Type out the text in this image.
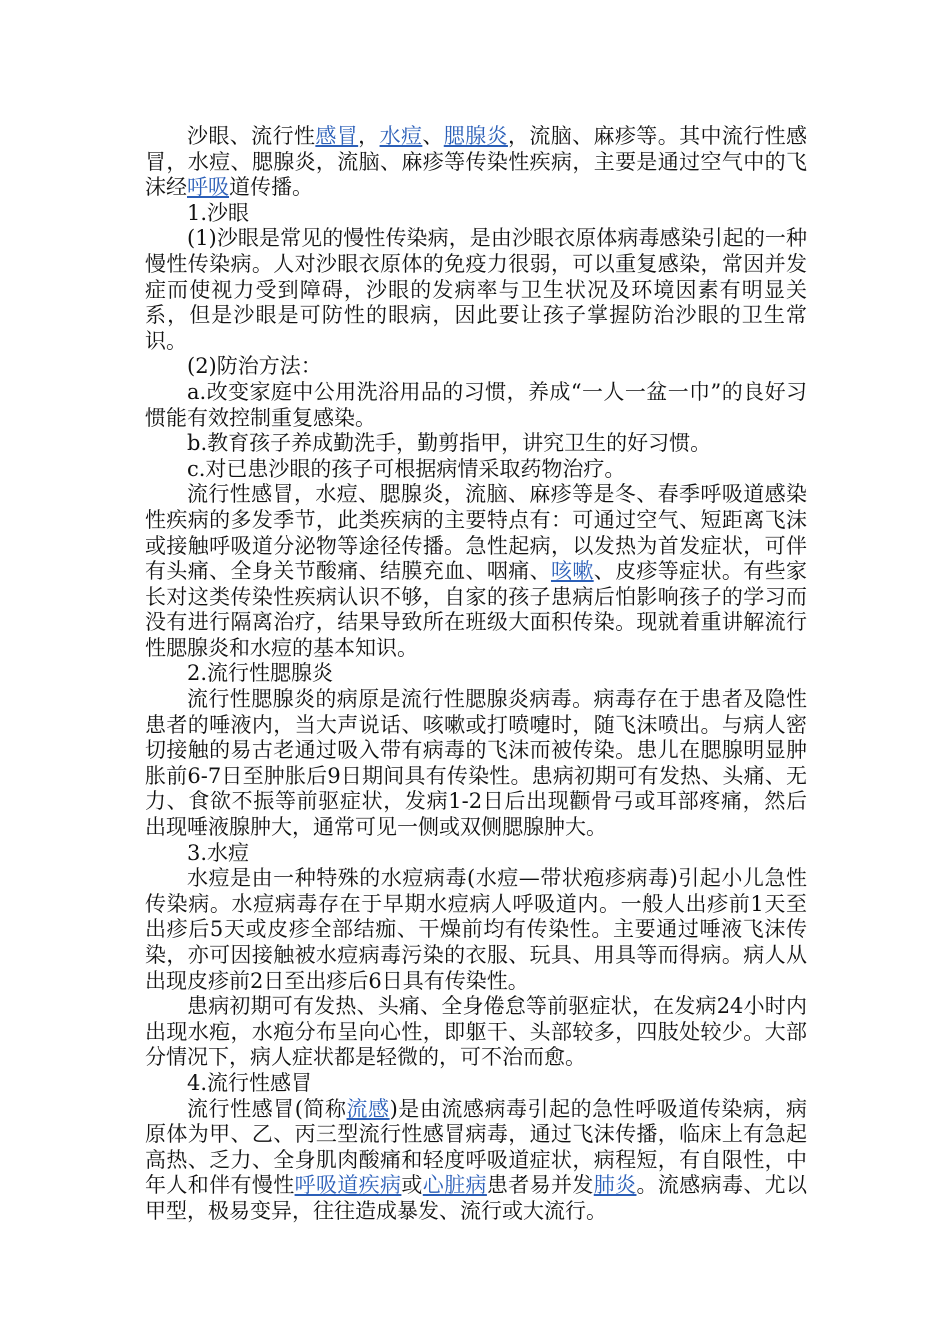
沙眼、流行性感冒，水痘、腮腺炎，流脑、麻疹等。其中流行性感冒，水痘、腮腺炎，流脑、麻疹等传染性疾病，主要是通过空气中的飞沫经呼吸道传播。

1.沙眼

(1)沙眼是常见的慢性传染病，是由沙眼衣原体病毒感染引起的一种慢性传染病。人对沙眼衣原体的免疫力很弱，可以重复感染，常因并发症而使视力受到障碍，沙眼的发病率与卫生状况及环境因素有明显关系，但是沙眼是可防性的眼病，因此要让孩子掌握防治沙眼的卫生常识。

(2)防治方法：

a.改变家庭中公用洗浴用品的习惯，养成“一人一盆一巾”的良好习惯能有效控制重复感染。

b.教育孩子养成勤洗手，勤剪指甲，讲究卫生的好习惯。

c.对已患沙眼的孩子可根据病情采取药物治疗。

流行性感冒，水痘、腮腺炎，流脑、麻疹等是冬、春季呼吸道感染性疾病的多发季节，此类疾病的主要特点有：可通过空气、短距离飞沫或接触呼吸道分泌物等途径传播。急性起病，以发热为首发症状，可伴有头痛、全身关节酸痛、结膜充血、咽痛、咳嗽、皮疹等症状。有些家长对这类传染性疾病认识不够，自家的孩子患病后怕影响孩子的学习而没有进行隔离治疗，结果导致所在班级大面积传染。现就着重讲解流行性腮腺炎和水痘的基本知识。

2.流行性腮腺炎

流行性腮腺炎的病原是流行性腮腺炎病毒。病毒存在于患者及隐性患者的唾液内，当大声说话、咳嗽或打喷嚏时，随飞沫喷出。与病人密切接触的易古老通过吸入带有病毒的飞沫而被传染。患儿在腮腺明显肿胀前6-7日至肿胀后9日期间具有传染性。患病初期可有发热、头痛、无力、食欲不振等前驱症状，发病1-2日后出现颧骨弓或耳部疼痛，然后出现唾液腺肿大，通常可见一侧或双侧腮腺肿大。

3.水痘

水痘是由一种特殊的水痘病毒(水痘—带状疱疹病毒)引起小儿急性传染病。水痘病毒存在于早期水痘病人呼吸道内。一般人出疹前1天至出疹后5天或皮疹全部结痂、干燥前均有传染性。主要通过唾液飞沫传染，亦可因接触被水痘病毒污染的衣服、玩具、用具等而得病。病人从出现皮疹前2日至出疹后6日具有传染性。

患病初期可有发热、头痛、全身倦怠等前驱症状，在发病24小时内出现水疱，水疱分布呈向心性，即躯干、头部较多，四肢处较少。大部分情况下，病人症状都是轻微的，可不治而愈。

4.流行性感冒

流行性感冒(简称流感)是由流感病毒引起的急性呼吸道传染病，病原体为甲、乙、丙三型流行性感冒病毒，通过飞沫传播，临床上有急起高热、乏力、全身肌肉酸痛和轻度呼吸道症状，病程短，有自限性，中年人和伴有慢性呼吸道疾病或心脏病患者易并发肺炎。流感病毒、尤以甲型，极易变异，往往造成暴发、流行或大流行。
